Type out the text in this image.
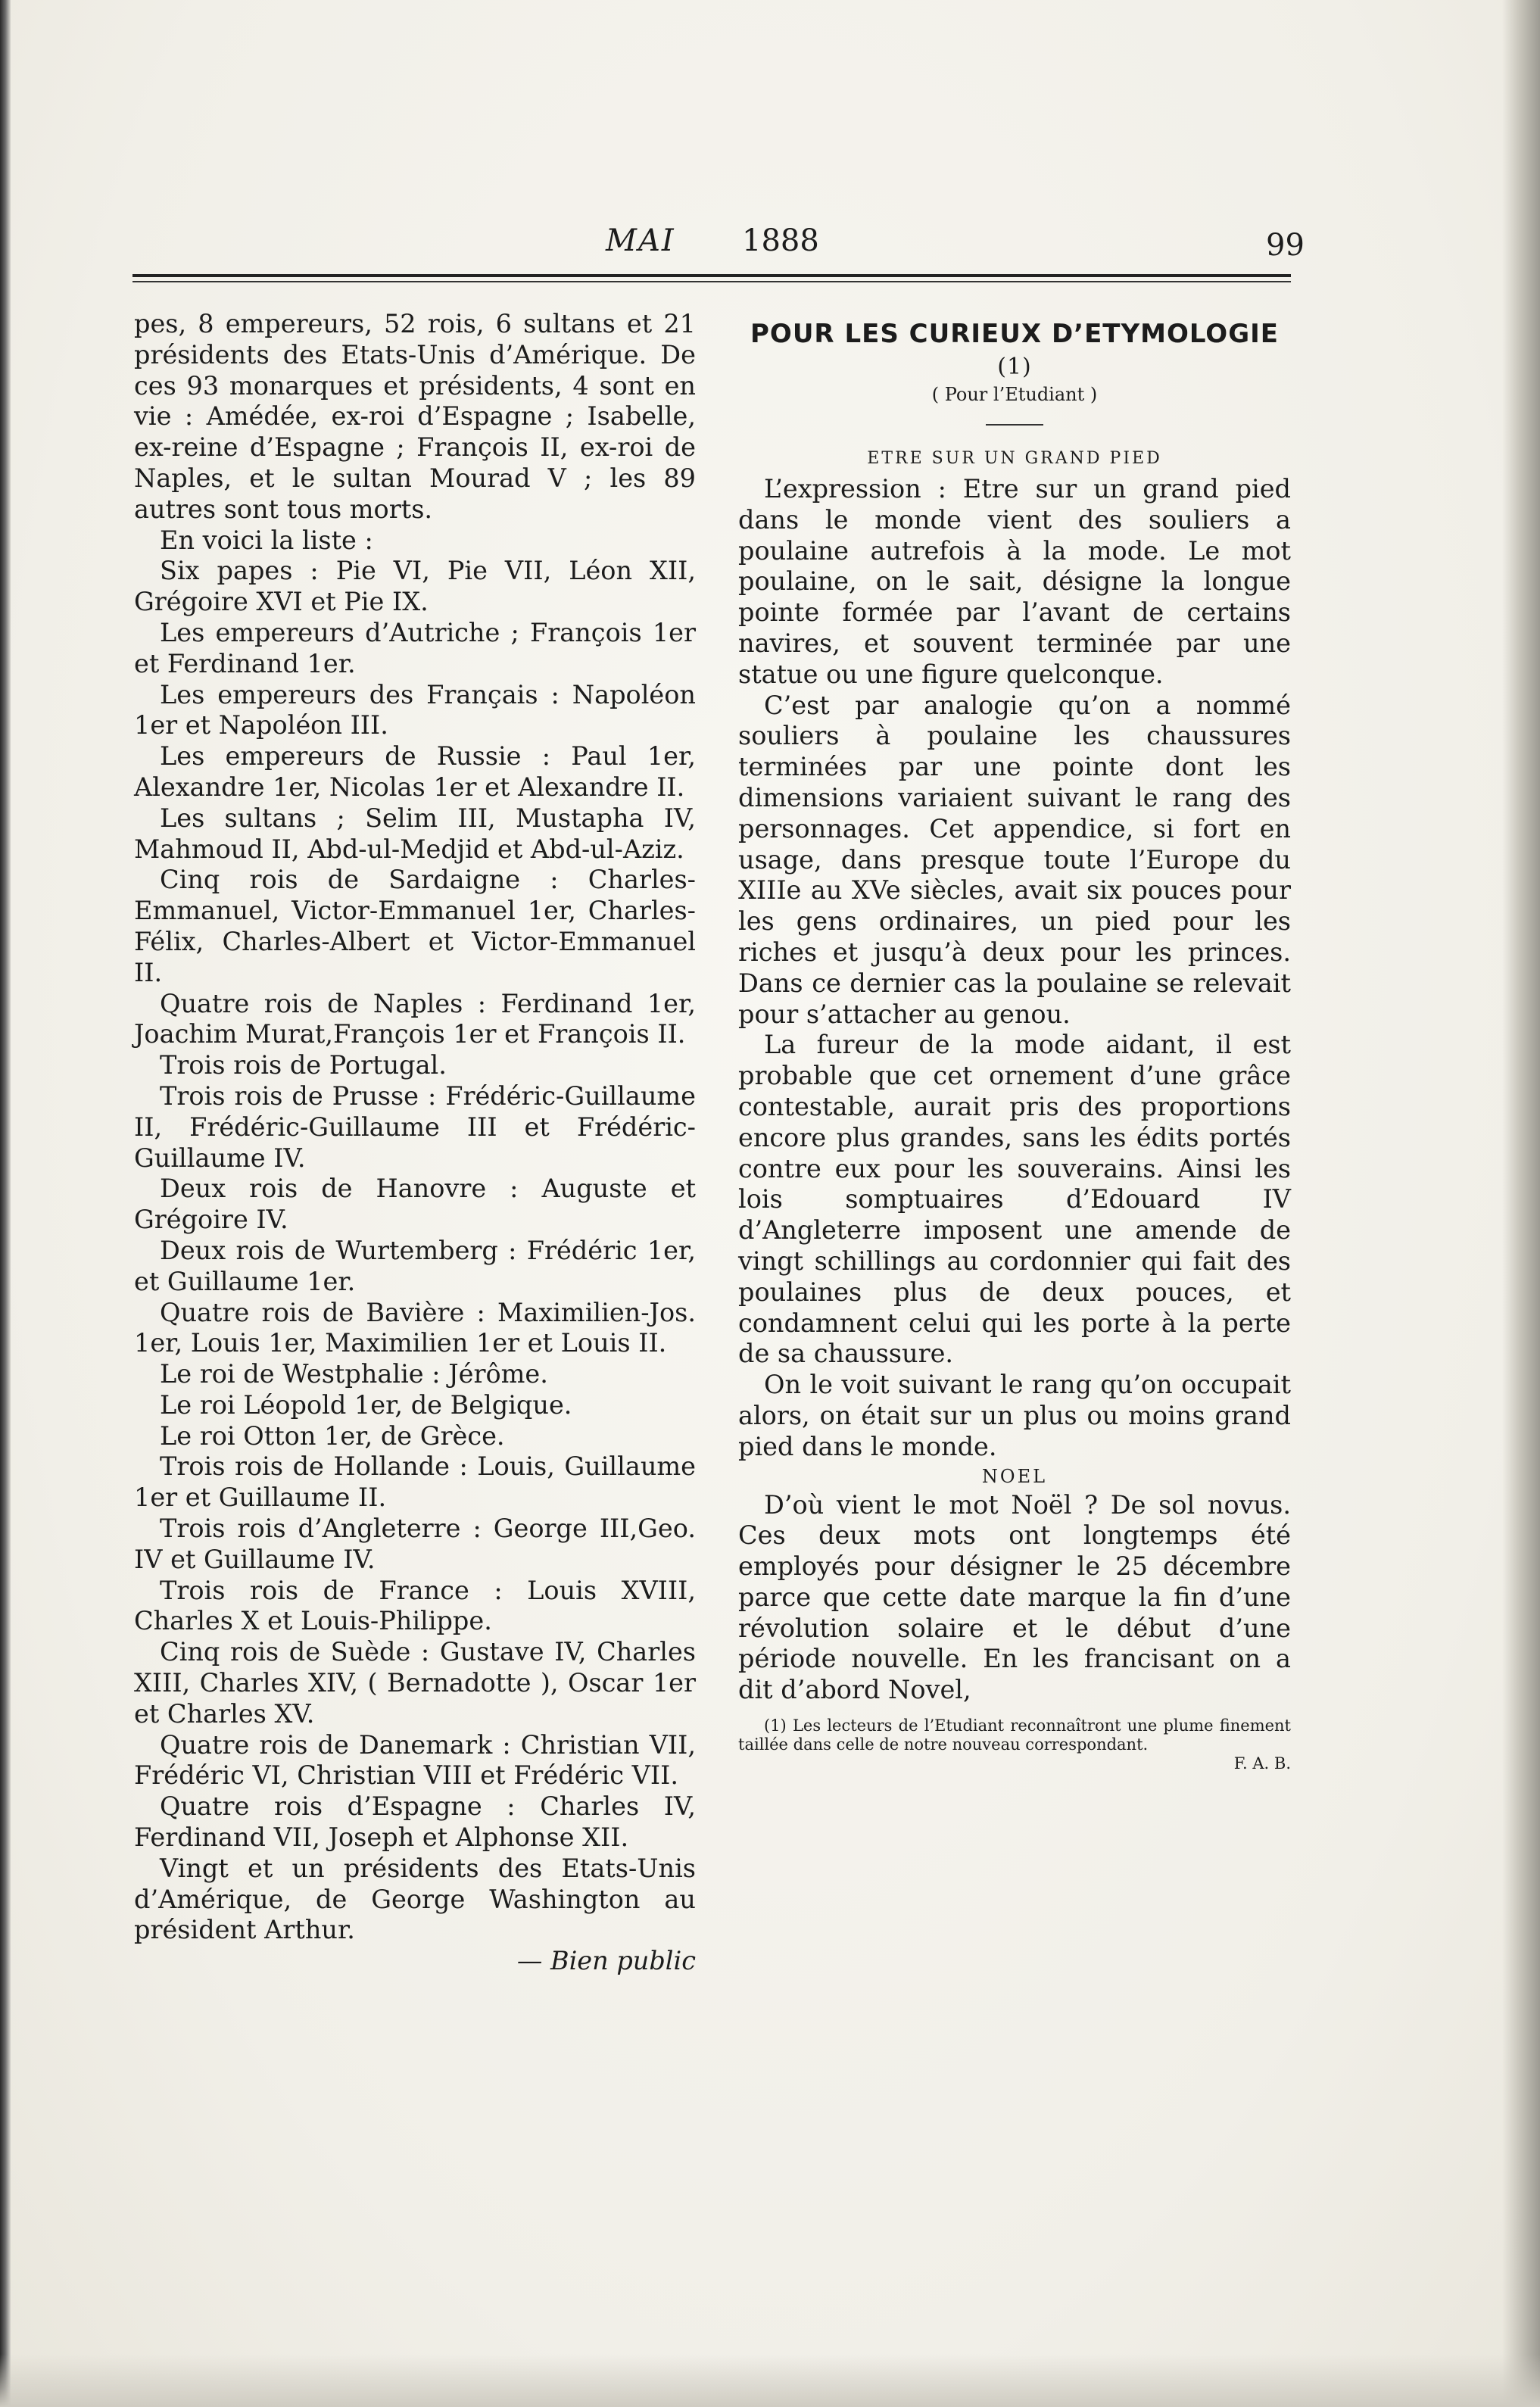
MAI 1888	99

pes, 8 empereurs, 52 rois, 6 sultans et 21 présidents des Etats-Unis d’Amérique. De ces 93 monarques et présidents, 4 sont en vie : Amédée, ex-roi d’Espagne ; Isabelle, ex-reine d’Espagne ; François II, ex-roi de Naples, et le sultan Mourad V ; les 89 autres sont tous morts.

En voici la liste :

Six papes : Pie VI, Pie VII, Léon XII, Grégoire XVI et Pie IX.

Les empereurs d’Autriche ; François 1er et Ferdinand 1er.

Les empereurs des Français : Napoléon 1er et Napoléon III.

Les empereurs de Russie : Paul 1er, Alexandre 1er, Nicolas 1er et Alexandre II.

Les sultans ; Selim III, Mustapha IV, Mahmoud II, Abd-ul-Medjid et Abd-ul-Aziz.

Cinq rois de Sardaigne : Charles-Emmanuel, Victor-Emmanuel 1er, Charles-Félix, Charles-Albert et Victor-Emmanuel II.

Quatre rois de Naples : Ferdinand 1er, Joachim Murat,François 1er et François II.

Trois rois de Portugal.

Trois rois de Prusse : Frédéric-Guillaume II, Frédéric-Guillaume III et Frédéric-Guillaume IV.

Deux rois de Hanovre : Auguste et Grégoire IV.

Deux rois de Wurtemberg : Frédéric 1er, et Guillaume 1er.

Quatre rois de Bavière : Maximilien-Jos. 1er, Louis 1er, Maximilien 1er et Louis II.

Le roi de Westphalie : Jérôme.

Le roi Léopold 1er, de Belgique.

Le roi Otton 1er, de Grèce.

Trois rois de Hollande : Louis, Guillaume 1er et Guillaume II.

Trois rois d’Angleterre : George III,Geo. IV et Guillaume IV.

Trois rois de France : Louis XVIII, Charles X et Louis-Philippe.

Cinq rois de Suède : Gustave IV, Charles XIII, Charles XIV, ( Bernadotte ), Oscar 1er et Charles XV.

Quatre rois de Danemark : Christian VII, Frédéric VI, Christian VIII et Frédéric VII.

Quatre rois d’Espagne : Charles IV, Ferdinand VII, Joseph et Alphonse XII.

Vingt et un présidents des Etats-Unis d’Amérique, de George Washington au président Arthur.

— Bien public

POUR LES CURIEUX D’ETYMOLOGIE (1)

( Pour l’Etudiant )

ETRE SUR UN GRAND PIED

L’expression : Etre sur un grand pied dans le monde vient des souliers a poulaine autrefois à la mode. Le mot poulaine, on le sait, désigne la longue pointe formée par l’avant de certains navires, et souvent terminée par une statue ou une figure quelconque.

C’est par analogie qu’on a nommé souliers à poulaine les chaussures terminées par une pointe dont les dimensions variaient suivant le rang des personnages. Cet appendice, si fort en usage, dans presque toute l’Europe du XIIIe au XVe siècles, avait six pouces pour les gens ordinaires, un pied pour les riches et jusqu’à deux pour les princes. Dans ce dernier cas la poulaine se relevait pour s’attacher au genou.

La fureur de la mode aidant, il est probable que cet ornement d’une grâce contestable, aurait pris des proportions encore plus grandes, sans les édits portés contre eux pour les souverains. Ainsi les lois somptuaires d’Edouard IV d’Angleterre imposent une amende de vingt schillings au cordonnier qui fait des poulaines plus de deux pouces, et condamnent celui qui les porte à la perte de sa chaussure.

On le voit suivant le rang qu’on occupait alors, on était sur un plus ou moins grand pied dans le monde.

NOEL

D’où vient le mot Noël ? De sol novus. Ces deux mots ont longtemps été employés pour désigner le 25 décembre parce que cette date marque la fin d’une révolution solaire et le début d’une période nouvelle. En les francisant on a dit d’abord Novel,

(1) Les lecteurs de l’Etudiant reconnaîtront une plume finement taillée dans celle de notre nouveau correspondant.

F. A. B.
